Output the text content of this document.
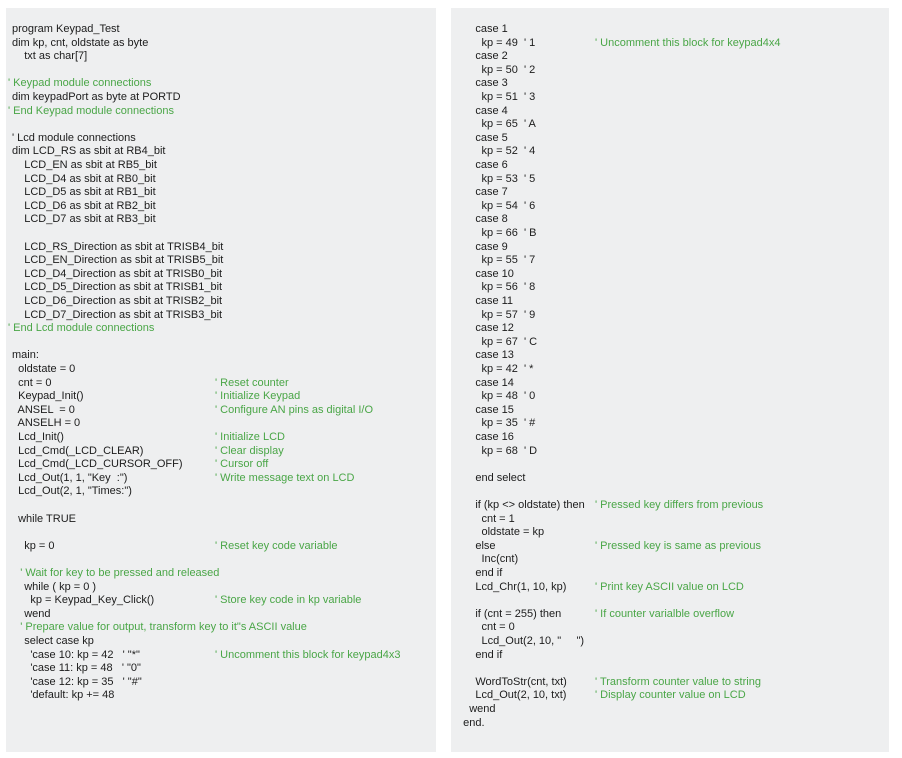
program Keypad_Test
dim kp, cnt, oldstate as byte
txt as char[7]
' Keypad module connections
dim keypadPort as byte at PORTD
' End Keypad module connections
' Lcd module connections
dim LCD_RS as sbit at RB4_bit
LCD_EN as sbit at RB5_bit
LCD_D4 as sbit at RB0_bit
LCD_D5 as sbit at RB1_bit
LCD_D6 as sbit at RB2_bit
LCD_D7 as sbit at RB3_bit
LCD_RS_Direction as sbit at TRISB4_bit
LCD_EN_Direction as sbit at TRISB5_bit
LCD_D4_Direction as sbit at TRISB0_bit
LCD_D5_Direction as sbit at TRISB1_bit
LCD_D6_Direction as sbit at TRISB2_bit
LCD_D7_Direction as sbit at TRISB3_bit
' End Lcd module connections
main:
oldstate = 0
cnt = 0	' Reset counter
Keypad_Init()	' Initialize Keypad
ANSEL  = 0	' Configure AN pins as digital I/O
ANSELH = 0
Lcd_Init()	' Initialize LCD
Lcd_Cmd(_LCD_CLEAR)	' Clear display
Lcd_Cmd(_LCD_CURSOR_OFF)	' Cursor off
Lcd_Out(1, 1, "Key  :")	' Write message text on LCD
Lcd_Out(2, 1, "Times:")
while TRUE
kp = 0	' Reset key code variable
' Wait for key to be pressed and released
while ( kp = 0 )
kp = Keypad_Key_Click()	' Store key code in kp variable
wend
' Prepare value for output, transform key to it"s ASCII value
select case kp
'case 10: kp = 42   ' "*"	' Uncomment this block for keypad4x3
'case 11: kp = 48   ' "0"
'case 12: kp = 35   ' "#"
'default: kp += 48
case 1
kp = 49  ' 1	' Uncomment this block for keypad4x4
case 2
kp = 50  ' 2
case 3
kp = 51  ' 3
case 4
kp = 65  ' A
case 5
kp = 52  ' 4
case 6
kp = 53  ' 5
case 7
kp = 54  ' 6
case 8
kp = 66  ' B
case 9
kp = 55  ' 7
case 10
kp = 56  ' 8
case 11
kp = 57  ' 9
case 12
kp = 67  ' C
case 13
kp = 42  ' *
case 14
kp = 48  ' 0
case 15
kp = 35  ' #
case 16
kp = 68  ' D
end select
if (kp <> oldstate) then ' Pressed key differs from previous
cnt = 1
oldstate = kp
else	' Pressed key is same as previous
Inc(cnt)
end if
Lcd_Chr(1, 10, kp)	' Print key ASCII value on LCD
if (cnt = 255) then	' If counter varialble overflow
cnt = 0
Lcd_Out(2, 10, "     ")
end if
WordToStr(cnt, txt)	' Transform counter value to string
Lcd_Out(2, 10, txt)	' Display counter value on LCD
wend
end.
